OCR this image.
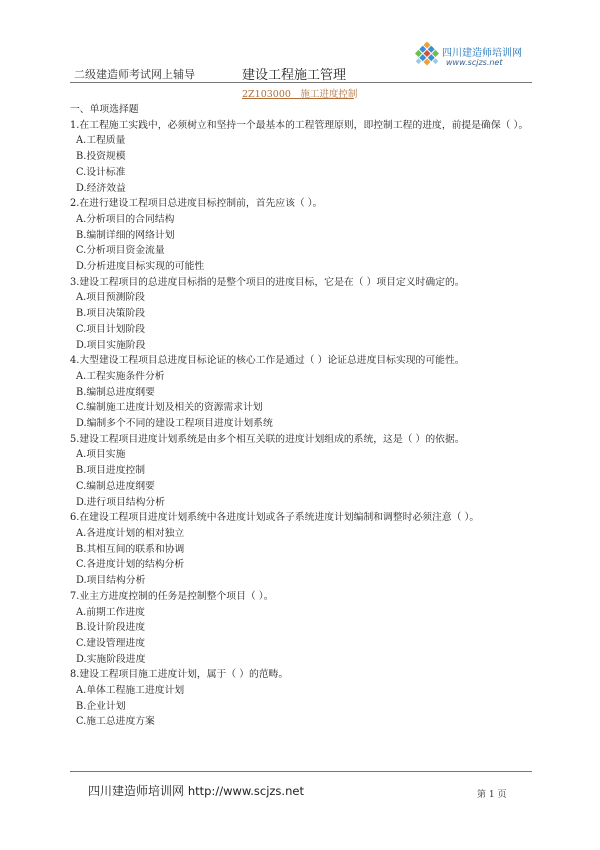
二级建造师考试网上辅导	建设工程施工管理
四川建造师培训网
www.scjzs.net
2Z103000　施工进度控制
一、单项选择题
1.在工程施工实践中，必须树立和坚持一个最基本的工程管理原则，即控制工程的进度，前提是确保（ ）。
A.工程质量
B.投资规模
C.设计标准
D.经济效益
2.在进行建设工程项目总进度目标控制前，首先应该（ ）。
A.分析项目的合同结构
B.编制详细的网络计划
C.分析项目资金流量
D.分析进度目标实现的可能性
3.建设工程项目的总进度目标指的是整个项目的进度目标，它是在（ ）项目定义时确定的。
A.项目预测阶段
B.项目决策阶段
C.项目计划阶段
D.项目实施阶段
4.大型建设工程项目总进度目标论证的核心工作是通过（ ）论证总进度目标实现的可能性。
A.工程实施条件分析
B.编制总进度纲要
C.编制施工进度计划及相关的资源需求计划
D.编制多个不同的建设工程项目进度计划系统
5.建设工程项目进度计划系统是由多个相互关联的进度计划组成的系统，这是（ ）的依据。
A.项目实施
B.项目进度控制
C.编制总进度纲要
D.进行项目结构分析
6.在建设工程项目进度计划系统中各进度计划或各子系统进度计划编制和调整时必须注意（ ）。
A.各进度计划的相对独立
B.其相互间的联系和协调
C.各进度计划的结构分析
D.项目结构分析
7.业主方进度控制的任务是控制整个项目（ ）。
A.前期工作进度
B.设计阶段进度
C.建设管理进度
D.实施阶段进度
8.建设工程项目施工进度计划，属于（ ）的范畴。
A.单体工程施工进度计划
B.企业计划
C.施工总进度方案
四川建造师培训网 http://www.scjzs.net	第 1 页
